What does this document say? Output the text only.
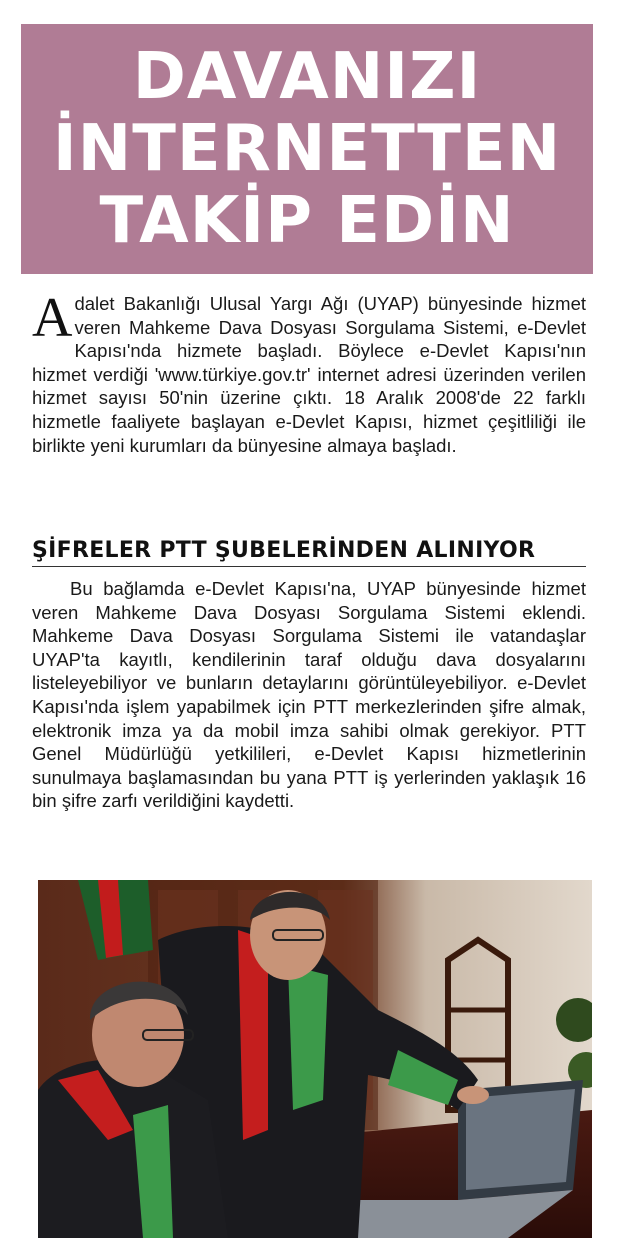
DAVANIZI
İNTERNETTEN
TAKİP EDİN
Adalet Bakanlığı Ulusal Yargı Ağı (UYAP) bünyesinde hizmet veren Mahkeme Dava Dosyası Sorgulama Sistemi, e-Devlet Kapısı'nda hizmete başladı. Böylece e-Devlet Kapısı'nın hizmet verdiği 'www.türkiye.gov.tr' internet adresi üzerinden verilen hizmet sayısı 50'nin üzerine çıktı. 18 Aralık 2008'de 22 farklı hizmetle faaliyete başlayan e-Devlet Kapısı, hizmet çeşitliliği ile birlikte yeni kurumları da bünyesine almaya başladı.
ŞİFRELER PTT ŞUBELERİNDEN ALINIYOR
Bu bağlamda e-Devlet Kapısı'na, UYAP bünyesinde hizmet veren Mahkeme Dava Dosyası Sorgulama Sistemi eklendi. Mahkeme Dava Dosyası Sorgulama Sistemi ile vatandaşlar UYAP'ta kayıtlı, kendilerinin taraf olduğu dava dosyalarını listeleyebiliyor ve bunların detaylarını görüntüleyebiliyor. e-Devlet Kapısı'nda işlem yapabilmek için PTT merkezlerinden şifre almak, elektronik imza ya da mobil imza sahibi olmak gerekiyor. PTT Genel Müdürlüğü yetkilileri, e-Devlet Kapısı hizmetlerinin sunulmaya başlamasından bu yana PTT iş yerlerinden yaklaşık 16 bin şifre zarfı verildiğini kaydetti.
